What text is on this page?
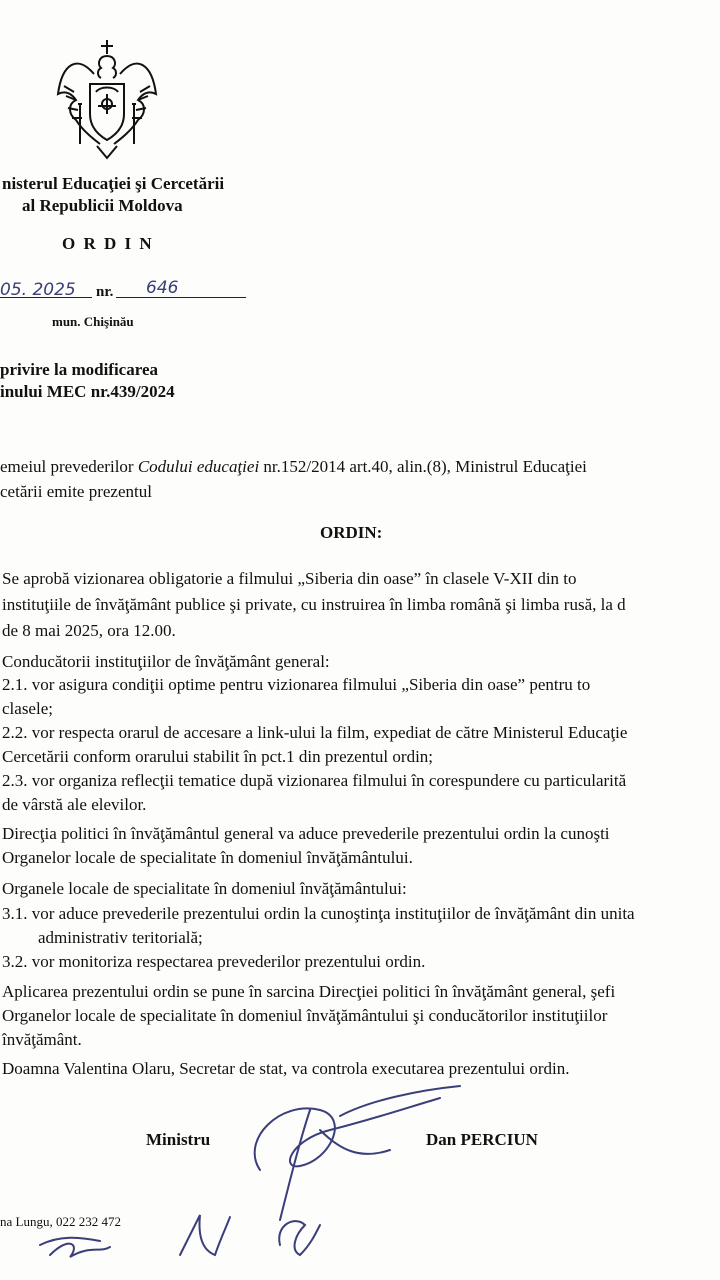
nisterul Educaţiei şi Cercetării
al Republicii Moldova
O R D I N
05. 2025 nr. 646
mun. Chişinău
privire la modificarea
inului MEC nr.439/2024
emeiul prevederilor Codului educaţiei nr.152/2014 art.40, alin.(8), Ministrul Educaţiei
cetării emite prezentul
ORDIN:
Se aprobă vizionarea obligatorie a filmului „Siberia din oase” în clasele V-XII din to
instituţiile de învăţământ publice şi private, cu instruirea în limba română şi limba rusă, la d
de 8 mai 2025, ora 12.00.
Conducătorii instituţiilor de învăţământ general:
2.1. vor asigura condiţii optime pentru vizionarea filmului „Siberia din oase” pentru to
clasele;
2.2. vor respecta orarul de accesare a link-ului la film, expediat de către Ministerul Educaţie
Cercetării conform orarului stabilit în pct.1 din prezentul ordin;
2.3. vor organiza reflecţii tematice după vizionarea filmului în corespundere cu particularită
de vârstă ale elevilor.
Direcţia politici în învăţământul general va aduce prevederile prezentului ordin la cunoşti
Organelor locale de specialitate în domeniul învăţământului.
Organele locale de specialitate în domeniul învăţământului:
3.1. vor aduce prevederile prezentului ordin la cunoştinţa instituţiilor de învăţământ din unita
administrativ teritorială;
3.2. vor monitoriza respectarea prevederilor prezentului ordin.
Aplicarea prezentului ordin se pune în sarcina Direcţiei politici în învăţământ general, şefi
Organelor locale de specialitate în domeniul învăţământului şi conducătorilor instituţiilor
învăţământ.
Doamna Valentina Olaru, Secretar de stat, va controla executarea prezentului ordin.
Ministru	Dan PERCIUN
na Lungu, 022 232 472
